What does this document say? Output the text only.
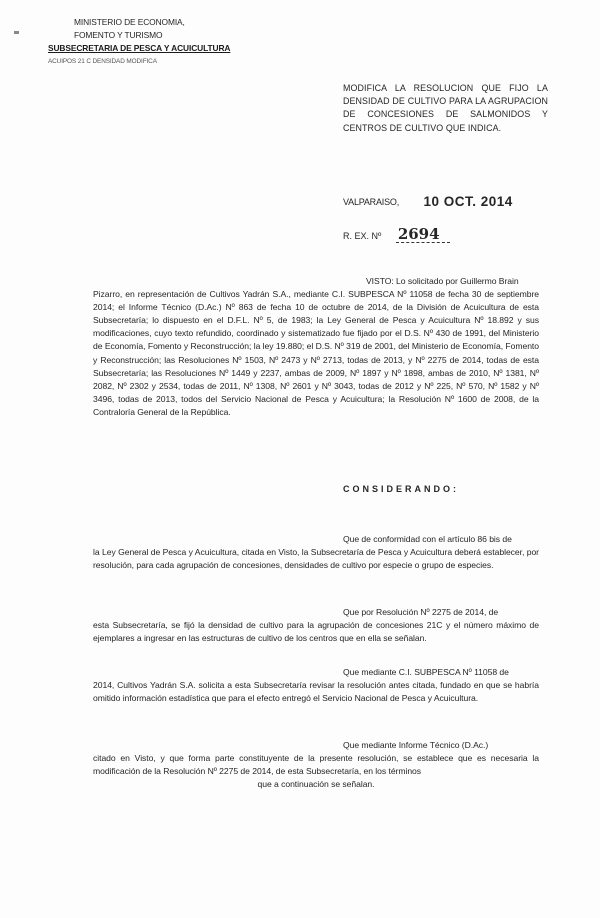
MINISTERIO DE ECONOMIA,
FOMENTO Y TURISMO
SUBSECRETARIA DE PESCA Y ACUICULTURA
ACUIPOS 21 C DENSIDAD MODIFICA
MODIFICA LA RESOLUCION QUE FIJO LA DENSIDAD DE CULTIVO PARA LA AGRUPACION DE CONCESIONES DE SALMONIDOS Y CENTROS DE CULTIVO QUE INDICA.
VALPARAISO, 10 OCT. 2014
R. EX. Nº 2694

VISTO: Lo solicitado por Guillermo Brain

Pizarro, en representación de Cultivos Yadrán S.A., mediante C.I. SUBPESCA Nº 11058 de fecha 30 de septiembre 2014; el Informe Técnico (D.Ac.) Nº 863 de fecha 10 de octubre de 2014, de la División de Acuicultura de esta Subsecretaría; lo dispuesto en el D.F.L. Nº 5, de 1983; la Ley General de Pesca y Acuicultura Nº 18.892 y sus modificaciones, cuyo texto refundido, coordinado y sistematizado fue fijado por el D.S. Nº 430 de 1991, del Ministerio de Economía, Fomento y Reconstrucción; la ley 19.880; el D.S. Nº 319 de 2001, del Ministerio de Economía, Fomento y Reconstrucción; las Resoluciones Nº 1503, Nº 2473 y Nº 2713, todas de 2013, y Nº 2275 de 2014, todas de esta Subsecretaría; las Resoluciones Nº 1449 y 2237, ambas de 2009, Nº 1897 y Nº 1898, ambas de 2010, Nº 1381, Nº 2082, Nº 2302 y 2534, todas de 2011, Nº 1308, Nº 2601 y Nº 3043, todas de 2012 y Nº 225, Nº 570, Nº 1582 y Nº 3496, todas de 2013, todos del Servicio Nacional de Pesca y Acuicultura; la Resolución Nº 1600 de 2008, de la Contraloría General de la República.

CONSIDERANDO:

Que de conformidad con el artículo 86 bis de

la Ley General de Pesca y Acuicultura, citada en Visto, la Subsecretaría de Pesca y Acuicultura deberá establecer, por resolución, para cada agrupación de concesiones, densidades de cultivo por especie o grupo de especies.

Que por Resolución Nº 2275 de 2014, de

esta Subsecretaría, se fijó la densidad de cultivo para la agrupación de concesiones 21C y el número máximo de ejemplares a ingresar en las estructuras de cultivo de los centros que en ella se señalan.

Que mediante C.I. SUBPESCA Nº 11058 de

2014, Cultivos Yadrán S.A. solicita a esta Subsecretaría revisar la resolución antes citada, fundado en que se habría omitido información estadística que para el efecto entregó el Servicio Nacional de Pesca y Acuicultura.

Que mediante Informe Técnico (D.Ac.)

citado en Visto, y que forma parte constituyente de la presente resolución, se establece que es necesaria la modificación de la Resolución Nº 2275 de 2014, de esta Subsecretaría, en los términos

que a continuación se señalan.
